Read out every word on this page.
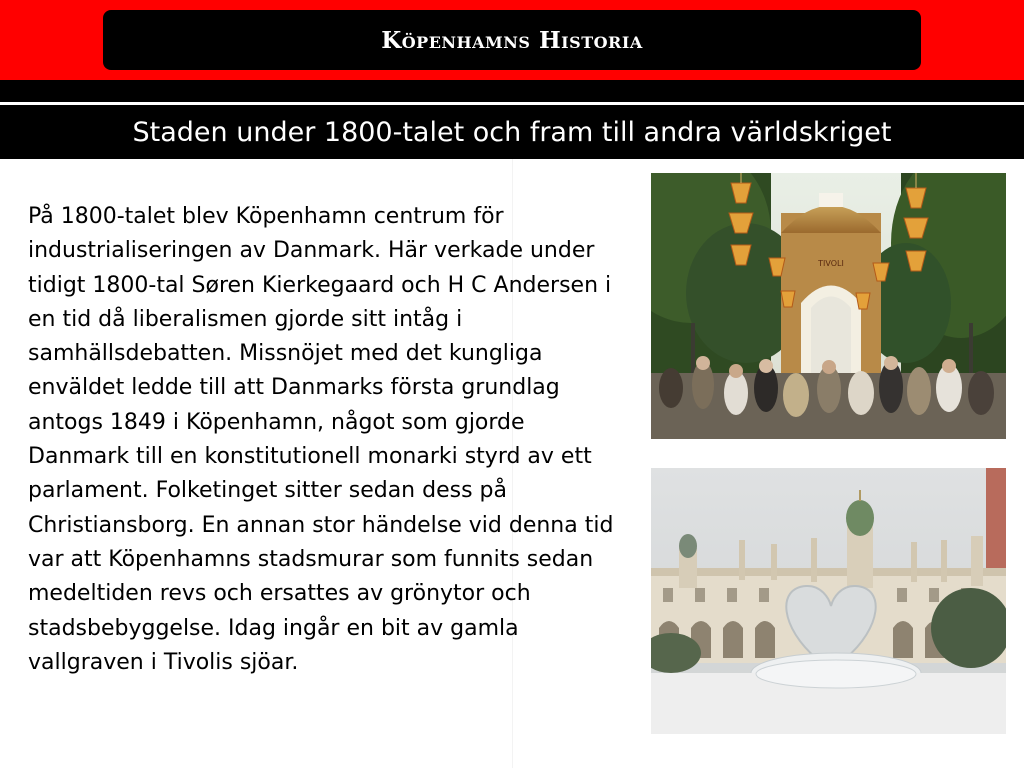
Köpenhamns Historia
Staden under 1800-talet och fram till andra världskriget

På 1800-talet blev Köpenhamn centrum för industrialiseringen av Danmark. Här verkade under tidigt 1800-tal Søren Kierkegaard och H C Andersen i en tid då liberalismen gjorde sitt intåg i samhällsdebatten. Missnöjet med det kungliga enväldet ledde till att Danmarks första grundlag antogs 1849 i Köpenhamn, något som gjorde Danmark till en konstitutionell monarki styrd av ett parlament. Folketinget sitter sedan dess på Christiansborg. En annan stor händelse vid denna tid var att Köpenhamns stadsmurar som funnits sedan medeltiden revs och ersattes av grönytor och stadsbebyggelse. Idag ingår en bit av gamla vallgraven i Tivolis sjöar.

TIVOLI
